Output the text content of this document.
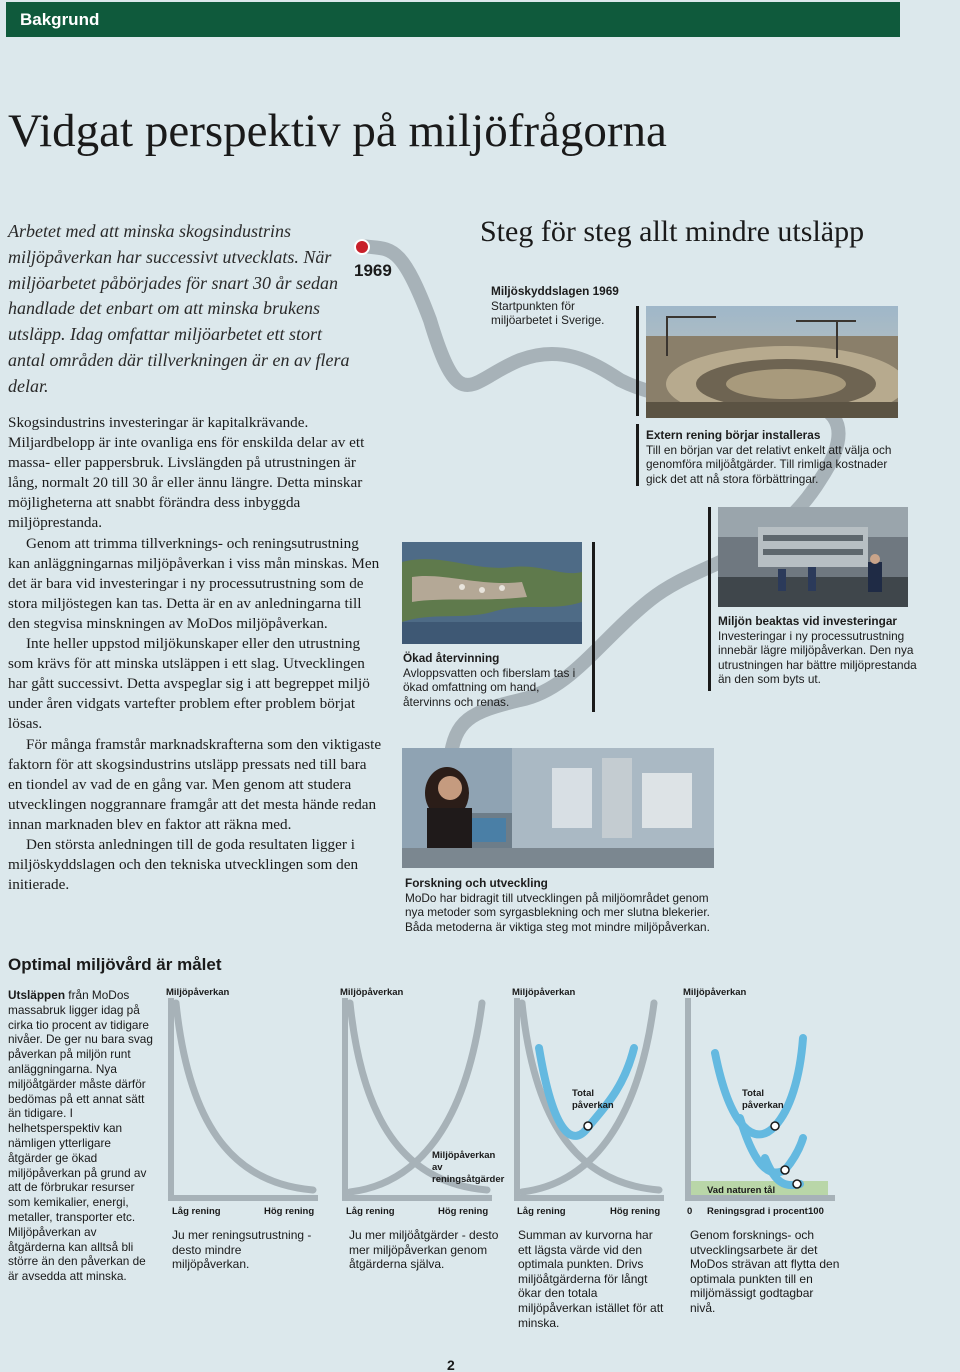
Bakgrund
Vidgat perspektiv på miljöfrågorna
Arbetet med att minska skogsindustrins miljöpåverkan har successivt utvecklats. När miljöarbetet påbörjades för snart 30 år sedan handlade det enbart om att minska brukens utsläpp. Idag omfattar miljöarbetet ett stort antal områden där tillverkningen är en av flera delar.
1969
Steg för steg allt mindre utsläpp
Miljöskyddslagen 1969
Startpunkten för miljöarbetet i Sverige.
Extern rening börjar installeras
Till en början var det relativt enkelt att välja och genomföra miljöåtgärder. Till rimliga kostnader gick det att nå stora förbättringar.
Miljön beaktas vid investeringar
Investeringar i ny processutrustning innebär lägre miljöpåverkan. Den nya utrustningen har bättre miljöprestanda än den som byts ut.
Ökad återvinning
Avloppsvatten och fiberslam tas i ökad omfattning om hand, återvinns och renas.
Forskning och utveckling
MoDo har bidragit till utvecklingen på miljöområdet genom nya metoder som syrgasblekning och mer slutna blekerier. Båda metoderna är viktiga steg mot mindre miljöpåverkan.

Skogsindustrins investeringar är kapitalkrävande. Miljardbelopp är inte ovanliga ens för enskilda delar av ett massa- eller pappersbruk. Livslängden på utrustningen är lång, normalt 20 till 30 år eller ännu längre. Detta minskar möjligheterna att snabbt förändra dess inbyggda miljöprestanda.

Genom att trimma tillverknings- och reningsutrustning kan anläggningarnas miljöpåverkan i viss mån minskas. Men det är bara vid investeringar i ny processutrustning som de stora miljöstegen kan tas. Detta är en av anledningarna till den stegvisa minskningen av MoDos miljöpåverkan.

Inte heller uppstod miljökunskaper eller den utrustning som krävs för att minska utsläppen i ett slag. Utvecklingen har gått successivt. Detta avspeglar sig i att begreppet miljö under åren vidgats vartefter problem efter problem börjat lösas.

För många framstår marknadskrafterna som den viktigaste faktorn för att skogsindustrins utsläpp pressats ned till bara en tiondel av vad de en gång var. Men genom att studera utvecklingen noggrannare framgår att det mesta hände redan innan marknaden blev en faktor att räkna med.

Den största anledningen till de goda resultaten ligger i miljöskyddslagen och den tekniska utvecklingen som den initierade.

Optimal miljövård är målet
Utsläppen från MoDos massabruk ligger idag på cirka tio procent av tidigare nivåer. De ger nu bara svag påverkan på miljön runt anläggningarna. Nya miljöåtgärder måste därför bedömas på ett annat sätt än tidigare. I helhetsperspektiv kan nämligen ytterligare åtgärder ge ökad miljöpåverkan på grund av att de förbrukar resurser som kemikalier, energi, metaller, transporter etc. Miljöpåverkan av åtgärderna kan alltså bli större än den påverkan de är avsedda att minska.
Miljöpåverkan
Låg rening	Hög rening
Ju mer reningsutrustning - desto mindre miljöpåverkan.
Miljöpåverkan
Miljöpåverkan av reningsåtgärder
Låg rening	Hög rening
Ju mer miljöåtgärder - desto mer miljöpåverkan genom åtgärderna själva.
Miljöpåverkan
Total påverkan
Låg rening	Hög rening
Summan av kurvorna har ett lägsta värde vid den optimala punkten. Drivs miljöåtgärderna för långt ökar den totala miljöpåverkan istället för att minska.
Miljöpåverkan
Total påverkan
Vad naturen tål
0 Reningsgrad i procent 100
Genom forsknings- och utvecklingsarbete är det MoDos strävan att flytta den optimala punkten till en miljömässigt godtagbar nivå.
2
